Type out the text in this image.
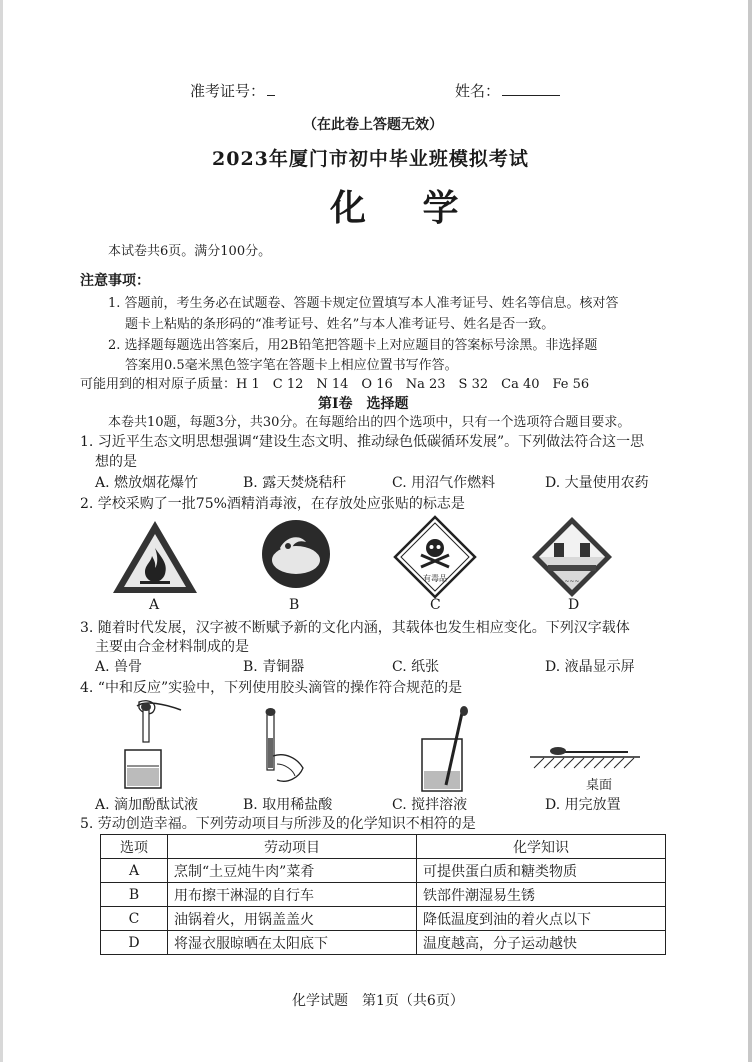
准考证号：	姓名：
（在此卷上答题无效）
2023年厦门市初中毕业班模拟考试
化 学
本试卷共6页。满分100分。
注意事项：
1. 答题前，考生务必在试题卷、答题卡规定位置填写本人准考证号、姓名等信息。核对答
题卡上粘贴的条形码的“准考证号、姓名”与本人准考证号、姓名是否一致。
2. 选择题每题选出答案后，用2B铅笔把答题卡上对应题目的答案标号涂黑。非选择题
答案用0.5毫米黑色签字笔在答题卡上相应位置书写作答。
可能用到的相对原子质量：H 1　C 12　N 14　O 16　Na 23　S 32　Ca 40　Fe 56
第Ⅰ卷　选择题
本卷共10题，每题3分，共30分。在每题给出的四个选项中，只有一个选项符合题目要求。
1. 习近平生态文明思想强调“建设生态文明、推动绿色低碳循环发展”。下列做法符合这一思
想的是
A. 燃放烟花爆竹	B. 露天焚烧秸秆	C. 用沼气作燃料	D. 大量使用农药
2. 学校采购了一批75%酒精消毒液，在存放处应张贴的标志是
有毒品	~~~
A	B	C	D
3. 随着时代发展，汉字被不断赋予新的文化内涵，其载体也发生相应变化。下列汉字载体
主要由合金材料制成的是
A. 兽骨	B. 青铜器	C. 纸张	D. 液晶显示屏
4. “中和反应”实验中，下列使用胶头滴管的操作符合规范的是
桌面
A. 滴加酚酞试液	B. 取用稀盐酸	C. 搅拌溶液	D. 用完放置
5. 劳动创造幸福。下列劳动项目与所涉及的化学知识不相符的是
选项	劳动项目	化学知识
A	烹制“土豆炖牛肉”菜肴	可提供蛋白质和糖类物质
B	用布擦干淋湿的自行车	铁部件潮湿易生锈
C	油锅着火，用锅盖盖火	降低温度到油的着火点以下
D	将湿衣服晾晒在太阳底下	温度越高，分子运动越快
化学试题　第1页（共6页）
